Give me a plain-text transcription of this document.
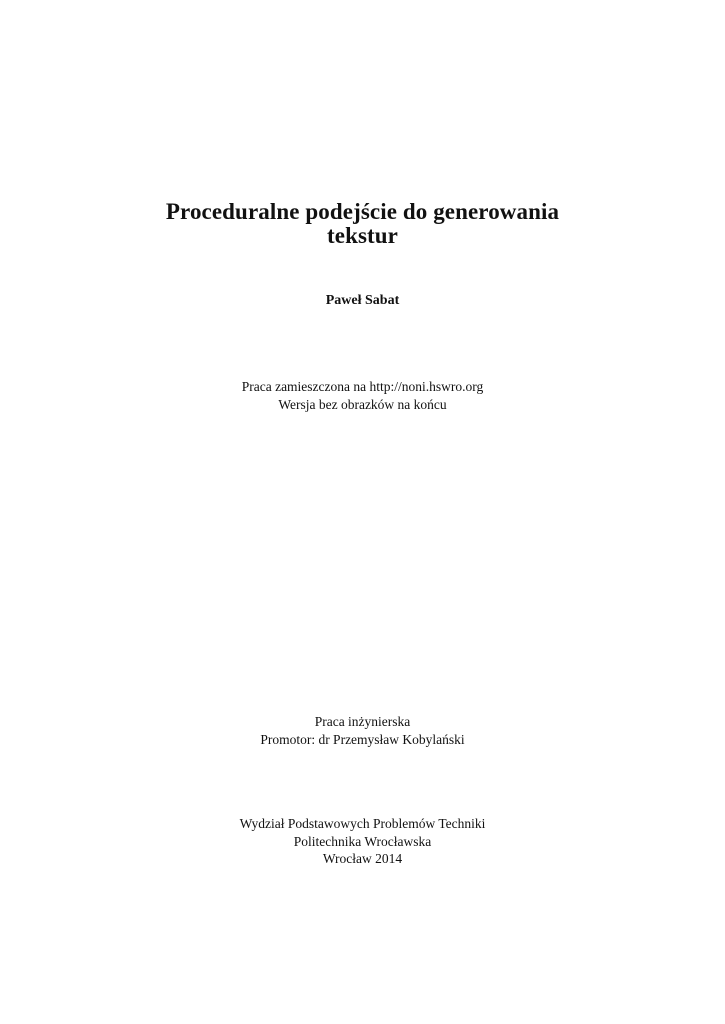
Proceduralne podejście do generowania
tekstur
Paweł Sabat
Praca zamieszczona na http://noni.hswro.org
Wersja bez obrazków na końcu
Praca inżynierska
Promotor: dr Przemysław Kobylański
Wydział Podstawowych Problemów Techniki
Politechnika Wrocławska
Wrocław 2014
